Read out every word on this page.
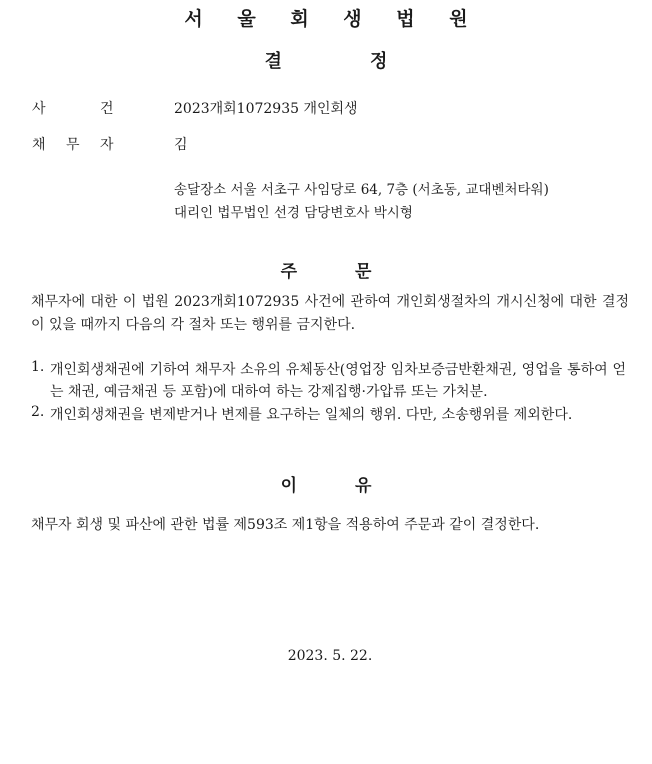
서 울 회 생 법 원
결	정
사	건	2023개회1072935 개인회생
채 무 자	김
송달장소 서울 서초구 사임당로 64, 7층 (서초동, 교대벤처타워)
대리인 법무법인 선경 담당변호사 박시형
주	문
채무자에 대한 이 법원 2023개회1072935 사건에 관하여 개인회생절차의 개시신청에 대한 결정이 있을 때까지 다음의 각 절차 또는 행위를 금지한다.
1. 개인회생채권에 기하여 채무자 소유의 유체동산(영업장 임차보증금반환채권, 영업을 통하여 얻는 채권, 예금채권 등 포함)에 대하여 하는 강제집행·가압류 또는 가처분.
2. 개인회생채권을 변제받거나 변제를 요구하는 일체의 행위. 다만, 소송행위를 제외한다.
이	유
채무자 회생 및 파산에 관한 법률 제593조 제1항을 적용하여 주문과 같이 결정한다.
2023. 5. 22.
